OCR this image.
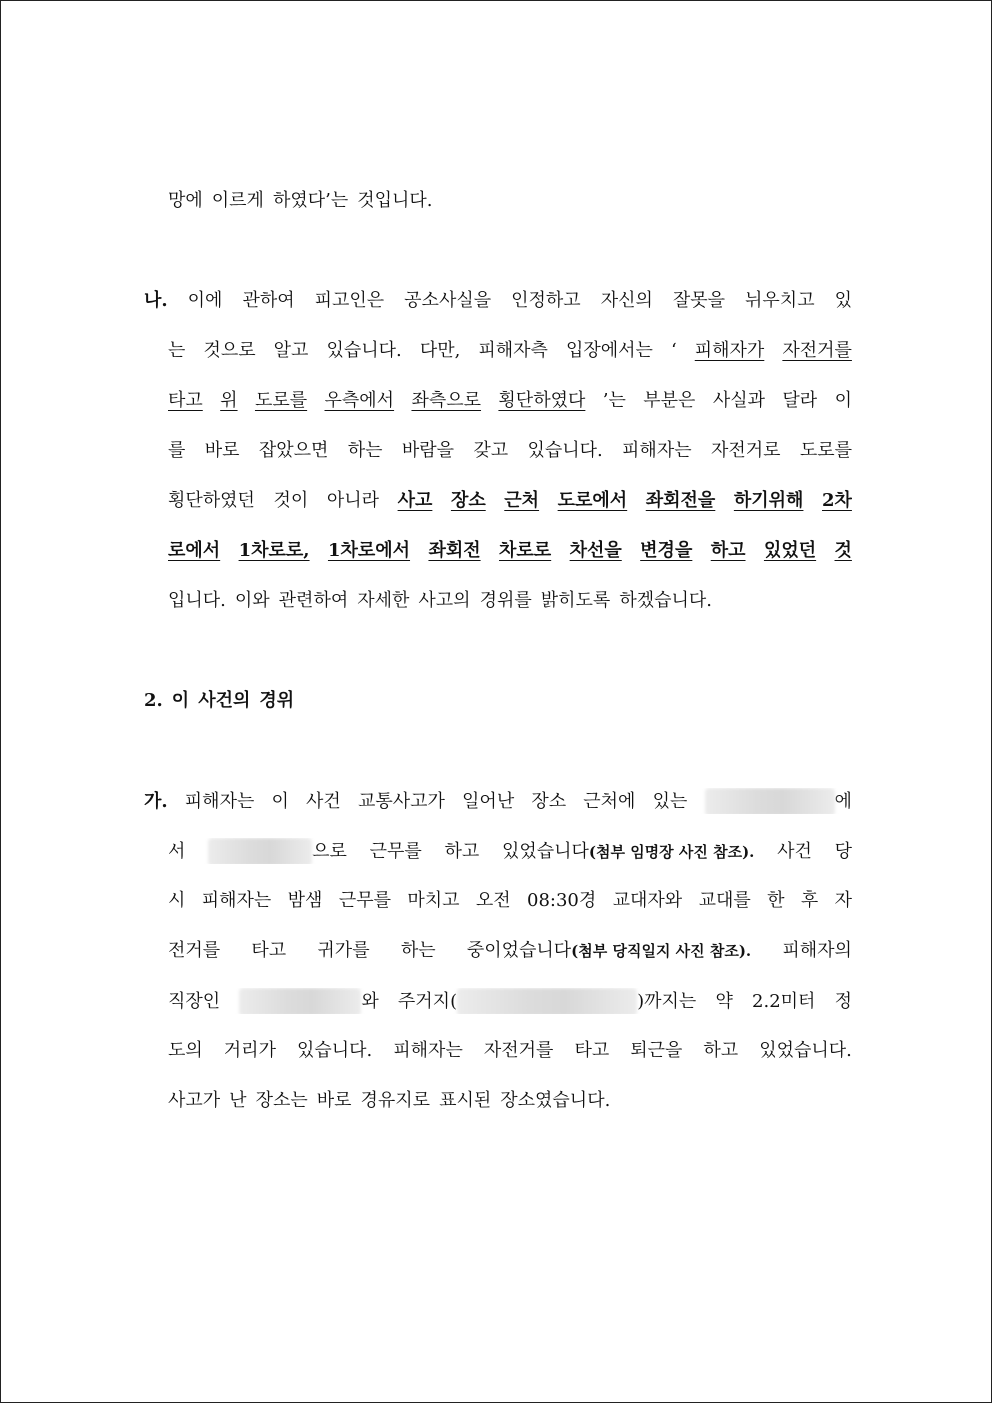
망에 이르게 하였다’는 것입니다.
나. 이에 관하여 피고인은 공소사실을 인정하고 자신의 잘못을 뉘우치고 있
는 것으로 알고 있습니다. 다만, 피해자측 입장에서는 ‘ 피해자가 자전거를
타고 위 도로를 우측에서 좌측으로 횡단하였다 ’는 부분은 사실과 달라 이
를 바로 잡았으면 하는 바람을 갖고 있습니다. 피해자는 자전거로 도로를
횡단하였던 것이 아니라 사고 장소 근처 도로에서 좌회전을 하기위해 2차
로에서 1차로로, 1차로에서 좌회전 차로로 차선을 변경을 하고 있었던 것
입니다. 이와 관련하여 자세한 사고의 경위를 밝히도록 하겠습니다.
2. 이 사건의 경위
가. 피해자는 이 사건 교통사고가 일어난 장소 근처에 있는	에
서	으로 근무를 하고 있었습니다(첨부 임명장 사진 참조). 사건 당
시 피해자는 밤샘 근무를 마치고 오전 08:30경 교대자와 교대를 한 후 자
전거를 타고 귀가를 하는 중이었습니다(첨부 당직일지 사진 참조). 피해자의
직장인	와 주거지(	)까지는 약 2.2미터 정
도의 거리가 있습니다. 피해자는 자전거를 타고 퇴근을 하고 있었습니다.
사고가 난 장소는 바로 경유지로 표시된 장소였습니다.
